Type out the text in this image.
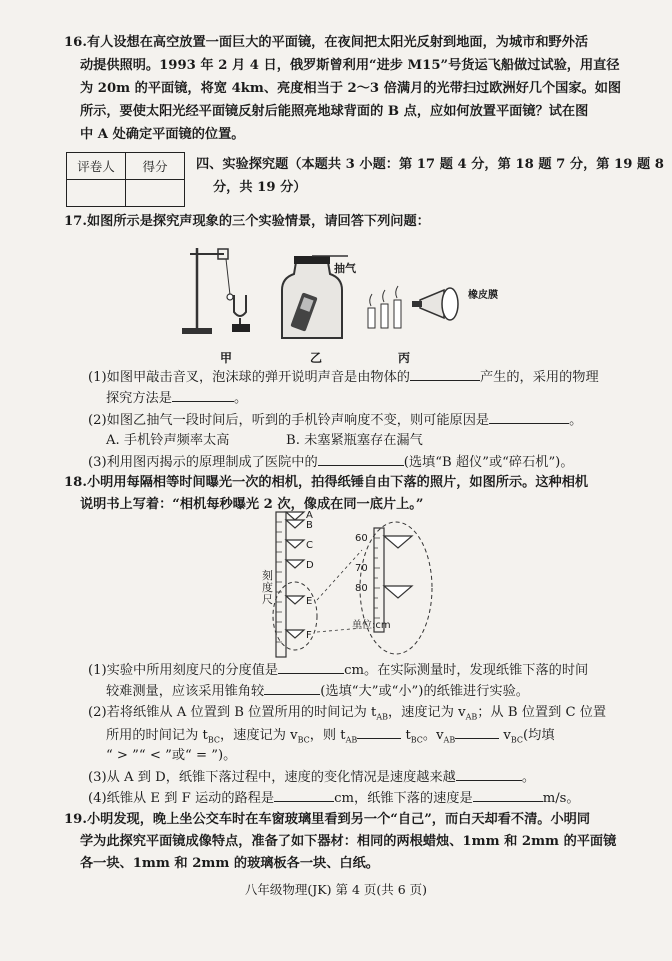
16.有人设想在高空放置一面巨大的平面镜，在夜间把太阳光反射到地面，为城市和野外活
动提供照明。1993 年 2 月 4 日，俄罗斯曾利用“进步 M15”号货运飞船做过试验，用直径
为 20m 的平面镜，将宽 4km、亮度相当于 2～3 倍满月的光带扫过欧洲好几个国家。如图
所示，要使太阳光经平面镜反射后能照亮地球背面的 B 点，应如何放置平面镜？试在图
中 A 处确定平面镜的位置。
评卷人	得分
	四、实验探究题（本题共 3 小题：第 17 题 4 分，第 18 题 7 分，第 19 题 8
分，共 19 分）
17.如图所示是探究声现象的三个实验情景，请回答下列问题：
甲
抽气
乙
橡皮膜
丙
(1)如图甲敲击音叉，泡沫球的弹开说明声音是由物体的	产生的，采用的物理
探究方法是	。
(2)如图乙抽气一段时间后，听到的手机铃声响度不变，则可能原因是	。
A. 手机铃声频率太高	B. 未塞紧瓶塞存在漏气
(3)利用图丙揭示的原理制成了医院中的	(选填“B 超仪”或“碎石机”)。
18.小明用每隔相等时间曝光一次的相机，拍得纸锤自由下落的照片，如图所示。这种相机
说明书上写着：“相机每秒曝光 2 次，像成在同一底片上。”
A
B
C
D
E
F
刻度尺
60
70
80
单位:cm
(1)实验中所用刻度尺的分度值是	cm。在实际测量时，发现纸锥下落的时间
较难测量，应该采用锥角较	(选填“大”或“小”)的纸锥进行实验。
(2)若将纸锥从 A 位置到 B 位置所用的时间记为 $t_{AB}$，速度记为 $v_{AB}$；从 B 位置到 C 位置
所用的时间记为 $t_{BC}$，速度记为 $v_{BC}$，则 $t_{AB}$	$t_{BC}$。$v_{AB}$	$v_{BC}$(均填
“ > ”“ < ”或“ = ”)。
(3)从 A 到 D，纸锥下落过程中，速度的变化情况是速度越来越	。
(4)纸锥从 E 到 F 运动的路程是	cm，纸锥下落的速度是	m/s。
19.小明发现，晚上坐公交车时在车窗玻璃里看到另一个“自己”，而白天却看不清。小明同
学为此探究平面镜成像特点，准备了如下器材：相同的两根蜡烛、1mm 和 2mm 的平面镜
各一块、1mm 和 2mm 的玻璃板各一块、白纸。
八年级物理(JK) 第 4 页(共 6 页)
